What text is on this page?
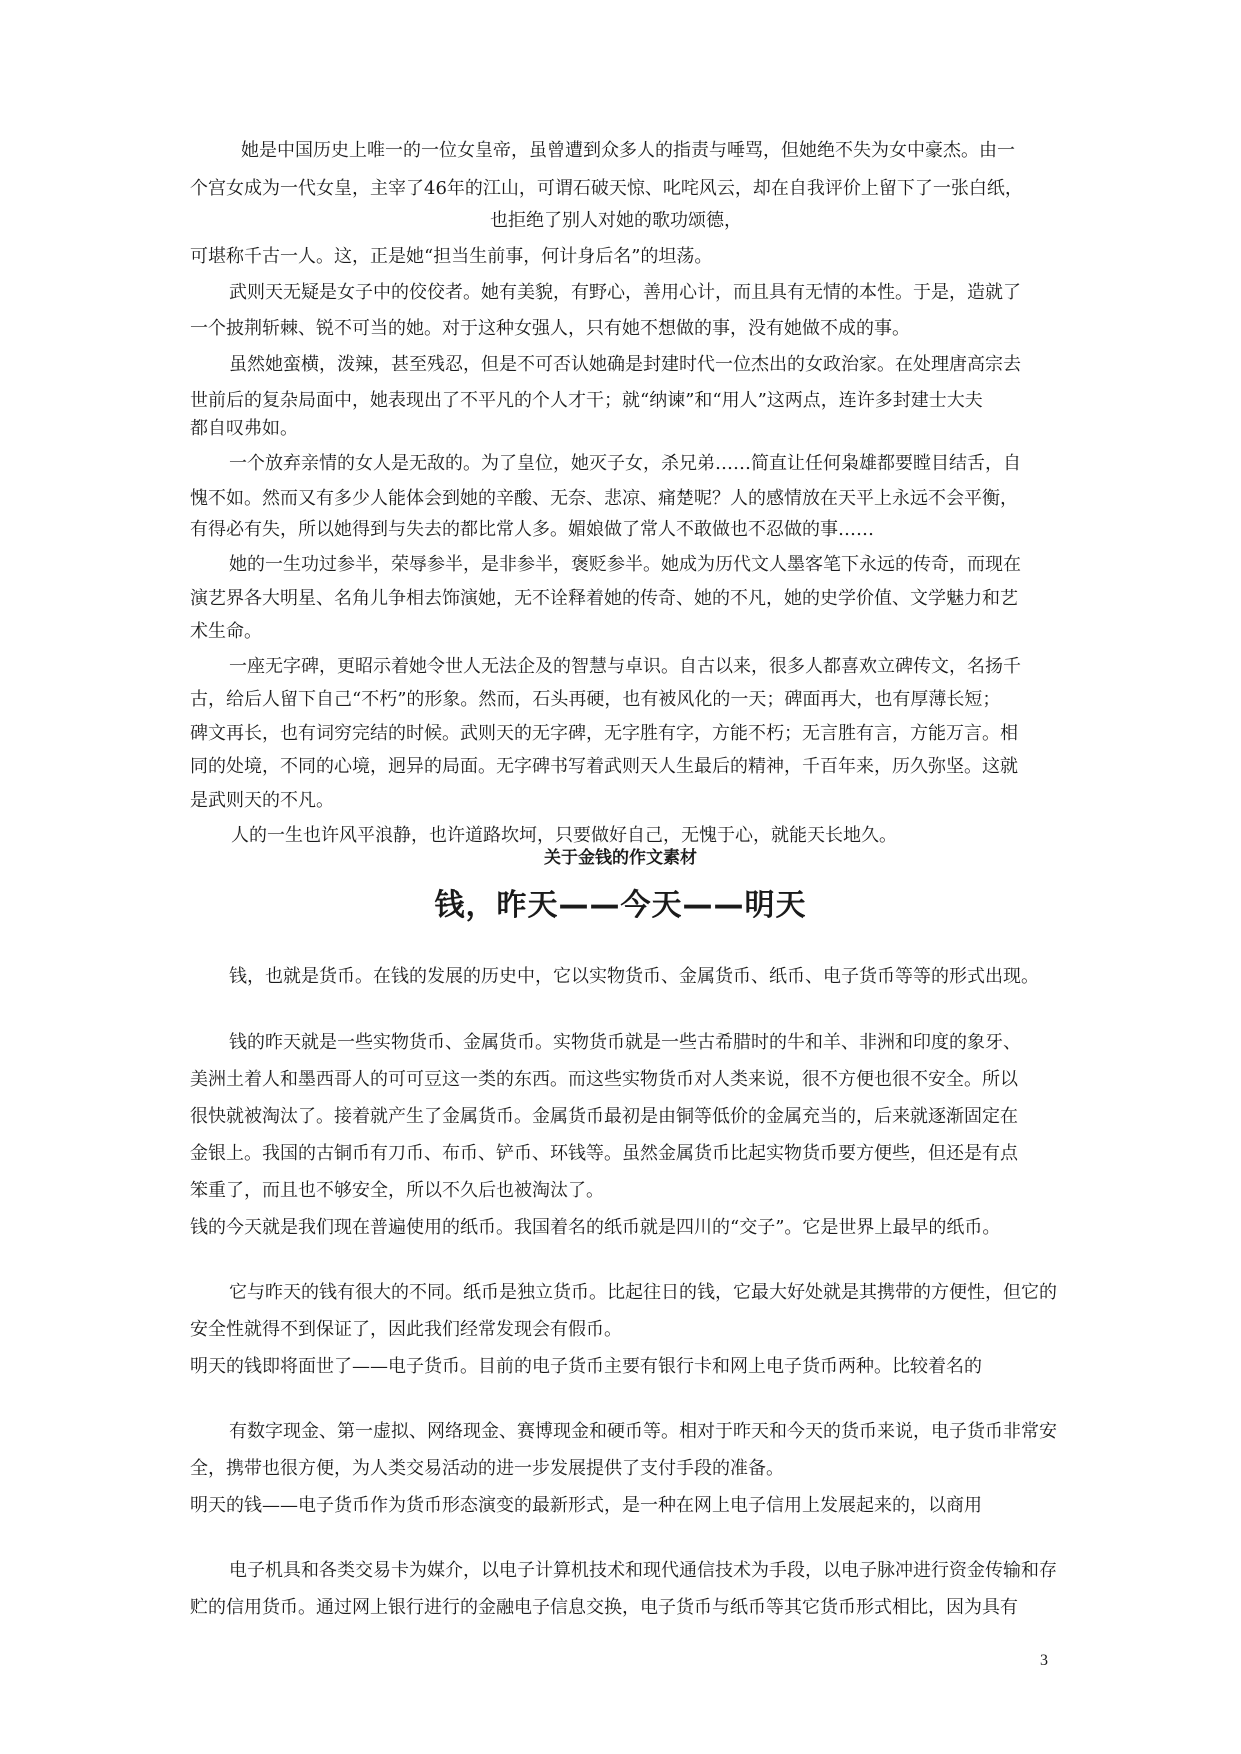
她是中国历史上唯一的一位女皇帝，虽曾遭到众多人的指责与唾骂，但她绝不失为女中豪杰。由一
个宫女成为一代女皇，主宰了46年的江山，可谓石破天惊、叱咤风云，却在自我评价上留下了一张白纸，
也拒绝了别人对她的歌功颂德，
可堪称千古一人。这，正是她“担当生前事，何计身后名”的坦荡。
武则天无疑是女子中的佼佼者。她有美貌，有野心，善用心计，而且具有无情的本性。于是，造就了
一个披荆斩棘、锐不可当的她。对于这种女强人，只有她不想做的事，没有她做不成的事。
虽然她蛮横，泼辣，甚至残忍，但是不可否认她确是封建时代一位杰出的女政治家。在处理唐高宗去
世前后的复杂局面中，她表现出了不平凡的个人才干；就“纳谏”和“用人”这两点，连许多封建士大夫
都自叹弗如。
一个放弃亲情的女人是无敌的。为了皇位，她灭子女，杀兄弟……简直让任何枭雄都要瞠目结舌，自
愧不如。然而又有多少人能体会到她的辛酸、无奈、悲凉、痛楚呢？人的感情放在天平上永远不会平衡，
有得必有失，所以她得到与失去的都比常人多。媚娘做了常人不敢做也不忍做的事……
她的一生功过参半，荣辱参半，是非参半，褒贬参半。她成为历代文人墨客笔下永远的传奇，而现在
演艺界各大明星、名角儿争相去饰演她，无不诠释着她的传奇、她的不凡，她的史学价值、文学魅力和艺
术生命。
一座无字碑，更昭示着她令世人无法企及的智慧与卓识。自古以来，很多人都喜欢立碑传文，名扬千
古，给后人留下自己“不朽”的形象。然而，石头再硬，也有被风化的一天；碑面再大，也有厚薄长短；
碑文再长，也有词穷完结的时候。武则天的无字碑，无字胜有字，方能不朽；无言胜有言，方能万言。相
同的处境，不同的心境，迥异的局面。无字碑书写着武则天人生最后的精神，千百年来，历久弥坚。这就
是武则天的不凡。
人的一生也许风平浪静，也许道路坎坷，只要做好自己，无愧于心，就能天长地久。
关于金钱的作文素材
钱，昨天——今天——明天
钱，也就是货币。在钱的发展的历史中，它以实物货币、金属货币、纸币、电子货币等等的形式出现。
钱的昨天就是一些实物货币、金属货币。实物货币就是一些古希腊时的牛和羊、非洲和印度的象牙、
美洲土着人和墨西哥人的可可豆这一类的东西。而这些实物货币对人类来说，很不方便也很不安全。所以
很快就被淘汰了。接着就产生了金属货币。金属货币最初是由铜等低价的金属充当的，后来就逐渐固定在
金银上。我国的古铜币有刀币、布币、铲币、环钱等。虽然金属货币比起实物货币要方便些，但还是有点
笨重了，而且也不够安全，所以不久后也被淘汰了。
钱的今天就是我们现在普遍使用的纸币。我国着名的纸币就是四川的“交子”。它是世界上最早的纸币。
它与昨天的钱有很大的不同。纸币是独立货币。比起往日的钱，它最大好处就是其携带的方便性，但它的
安全性就得不到保证了，因此我们经常发现会有假币。
明天的钱即将面世了——电子货币。目前的电子货币主要有银行卡和网上电子货币两种。比较着名的
有数字现金、第一虚拟、网络现金、赛博现金和硬币等。相对于昨天和今天的货币来说，电子货币非常安
全，携带也很方便，为人类交易活动的进一步发展提供了支付手段的准备。
明天的钱——电子货币作为货币形态演变的最新形式，是一种在网上电子信用上发展起来的，以商用
电子机具和各类交易卡为媒介，以电子计算机技术和现代通信技术为手段，以电子脉冲进行资金传输和存
贮的信用货币。通过网上银行进行的金融电子信息交换，电子货币与纸币等其它货币形式相比，因为具有
3
